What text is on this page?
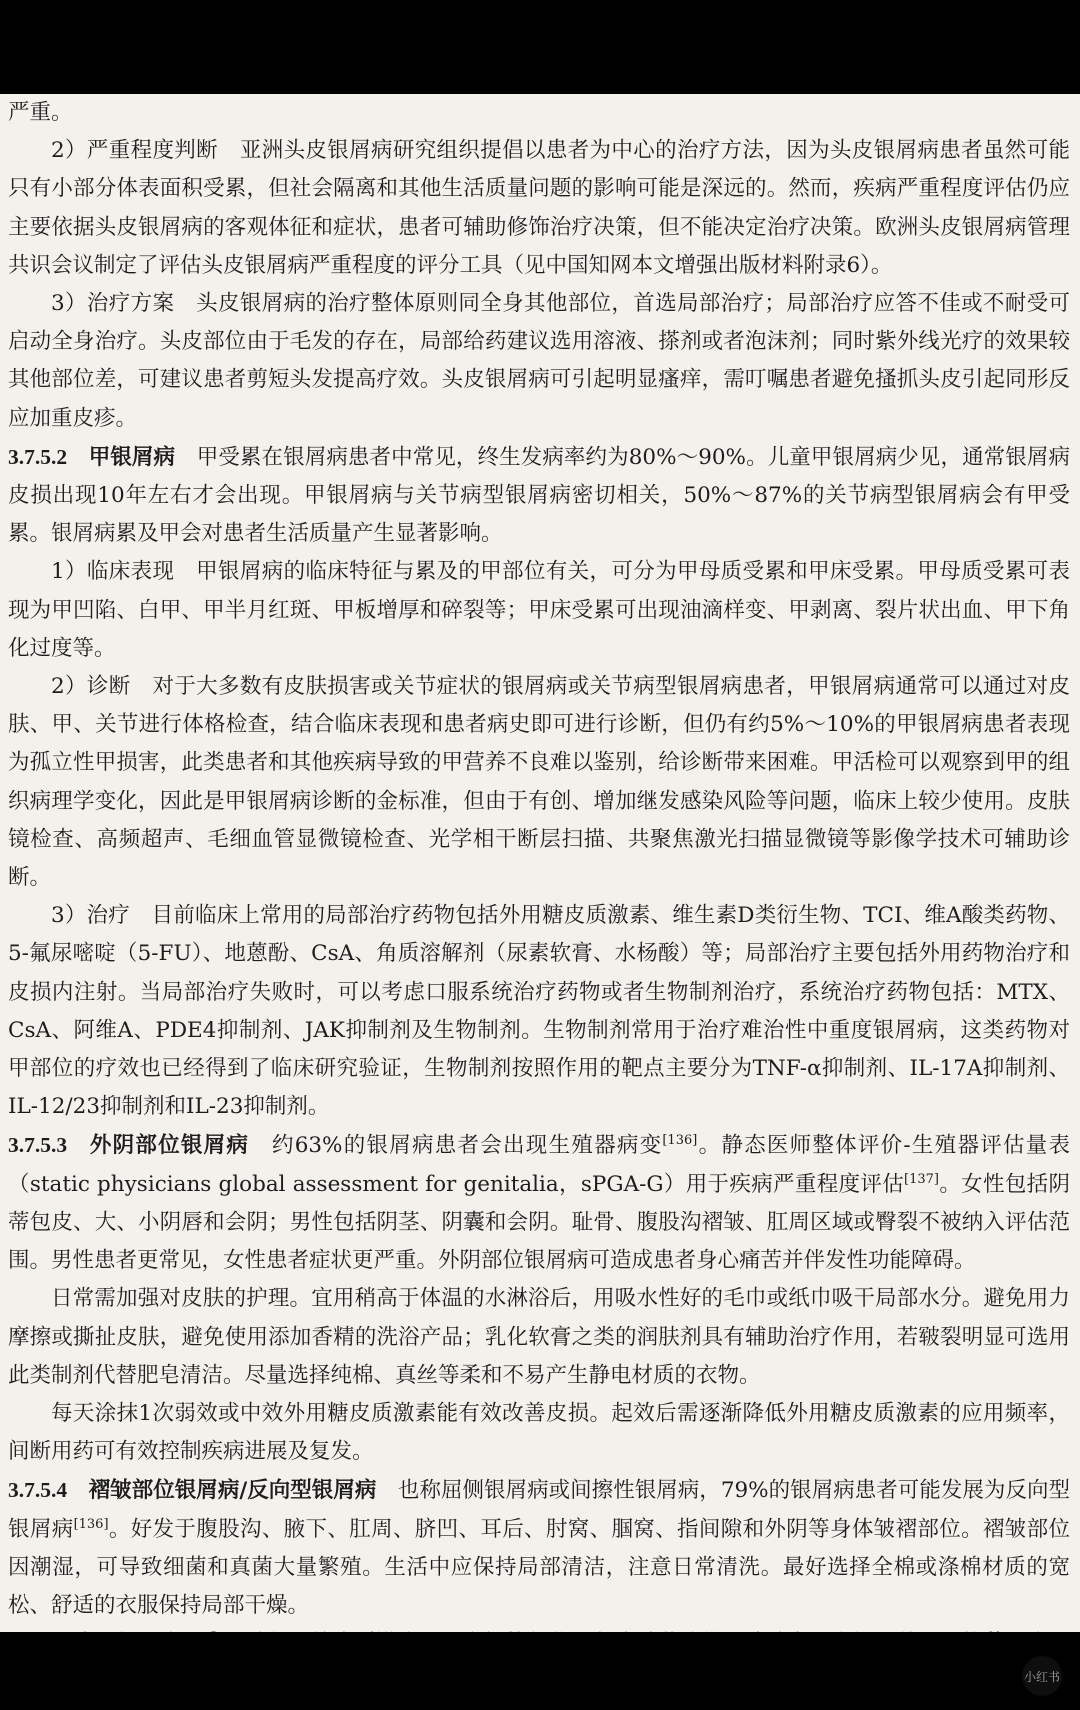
严重。

2）严重程度判断 亚洲头皮银屑病研究组织提倡以患者为中心的治疗方法，因为头皮银屑病患者虽然可能只有小部分体表面积受累，但社会隔离和其他生活质量问题的影响可能是深远的。然而，疾病严重程度评估仍应主要依据头皮银屑病的客观体征和症状，患者可辅助修饰治疗决策，但不能决定治疗决策。欧洲头皮银屑病管理共识会议制定了评估头皮银屑病严重程度的评分工具（见中国知网本文增强出版材料附录6）。

3）治疗方案 头皮银屑病的治疗整体原则同全身其他部位，首选局部治疗；局部治疗应答不佳或不耐受可启动全身治疗。头皮部位由于毛发的存在，局部给药建议选用溶液、搽剂或者泡沫剂；同时紫外线光疗的效果较其他部位差，可建议患者剪短头发提高疗效。头皮银屑病可引起明显瘙痒，需叮嘱患者避免搔抓头皮引起同形反应加重皮疹。

3.7.5.2 甲银屑病 甲受累在银屑病患者中常见，终生发病率约为80%～90%。儿童甲银屑病少见，通常银屑病皮损出现10年左右才会出现。甲银屑病与关节病型银屑病密切相关，50%～87%的关节病型银屑病会有甲受累。银屑病累及甲会对患者生活质量产生显著影响。

1）临床表现 甲银屑病的临床特征与累及的甲部位有关，可分为甲母质受累和甲床受累。甲母质受累可表现为甲凹陷、白甲、甲半月红斑、甲板增厚和碎裂等；甲床受累可出现油滴样变、甲剥离、裂片状出血、甲下角化过度等。

2）诊断 对于大多数有皮肤损害或关节症状的银屑病或关节病型银屑病患者，甲银屑病通常可以通过对皮肤、甲、关节进行体格检查，结合临床表现和患者病史即可进行诊断，但仍有约5%～10%的甲银屑病患者表现为孤立性甲损害，此类患者和其他疾病导致的甲营养不良难以鉴别，给诊断带来困难。甲活检可以观察到甲的组织病理学变化，因此是甲银屑病诊断的金标准，但由于有创、增加继发感染风险等问题，临床上较少使用。皮肤镜检查、高频超声、毛细血管显微镜检查、光学相干断层扫描、共聚焦激光扫描显微镜等影像学技术可辅助诊断。

3）治疗 目前临床上常用的局部治疗药物包括外用糖皮质激素、维生素D类衍生物、TCI、维A酸类药物、5-氟尿嘧啶（5-FU）、地蒽酚、CsA、角质溶解剂（尿素软膏、水杨酸）等；局部治疗主要包括外用药物治疗和皮损内注射。当局部治疗失败时，可以考虑口服系统治疗药物或者生物制剂治疗，系统治疗药物包括：MTX、CsA、阿维A、PDE4抑制剂、JAK抑制剂及生物制剂。生物制剂常用于治疗难治性中重度银屑病，这类药物对甲部位的疗效也已经得到了临床研究验证，生物制剂按照作用的靶点主要分为TNF-α抑制剂、IL-17A抑制剂、IL-12/23抑制剂和IL-23抑制剂。

3.7.5.3 外阴部位银屑病 约63%的银屑病患者会出现生殖器病变[136]。静态医师整体评价-生殖器评估量表（static physicians global assessment for genitalia，sPGA-G）用于疾病严重程度评估[137]。女性包括阴蒂包皮、大、小阴唇和会阴；男性包括阴茎、阴囊和会阴。耻骨、腹股沟褶皱、肛周区域或臀裂不被纳入评估范围。男性患者更常见，女性患者症状更严重。外阴部位银屑病可造成患者身心痛苦并伴发性功能障碍。

日常需加强对皮肤的护理。宜用稍高于体温的水淋浴后，用吸水性好的毛巾或纸巾吸干局部水分。避免用力摩擦或撕扯皮肤，避免使用添加香精的洗浴产品；乳化软膏之类的润肤剂具有辅助治疗作用，若皲裂明显可选用此类制剂代替肥皂清洁。尽量选择纯棉、真丝等柔和不易产生静电材质的衣物。

每天涂抹1次弱效或中效外用糖皮质激素能有效改善皮损。起效后需逐渐降低外用糖皮质激素的应用频率，间断用药可有效控制疾病进展及复发。

3.7.5.4 褶皱部位银屑病/反向型银屑病 也称屈侧银屑病或间擦性银屑病，79%的银屑病患者可能发展为反向型银屑病[136]。好发于腹股沟、腋下、肛周、脐凹、耳后、肘窝、腘窝、指间隙和外阴等身体皱褶部位。褶皱部位因潮湿，可导致细菌和真菌大量繁殖。生活中应保持局部清洁，注意日常清洗。最好选择全棉或涤棉材质的宽松、舒适的衣服保持局部干燥。

小红书
